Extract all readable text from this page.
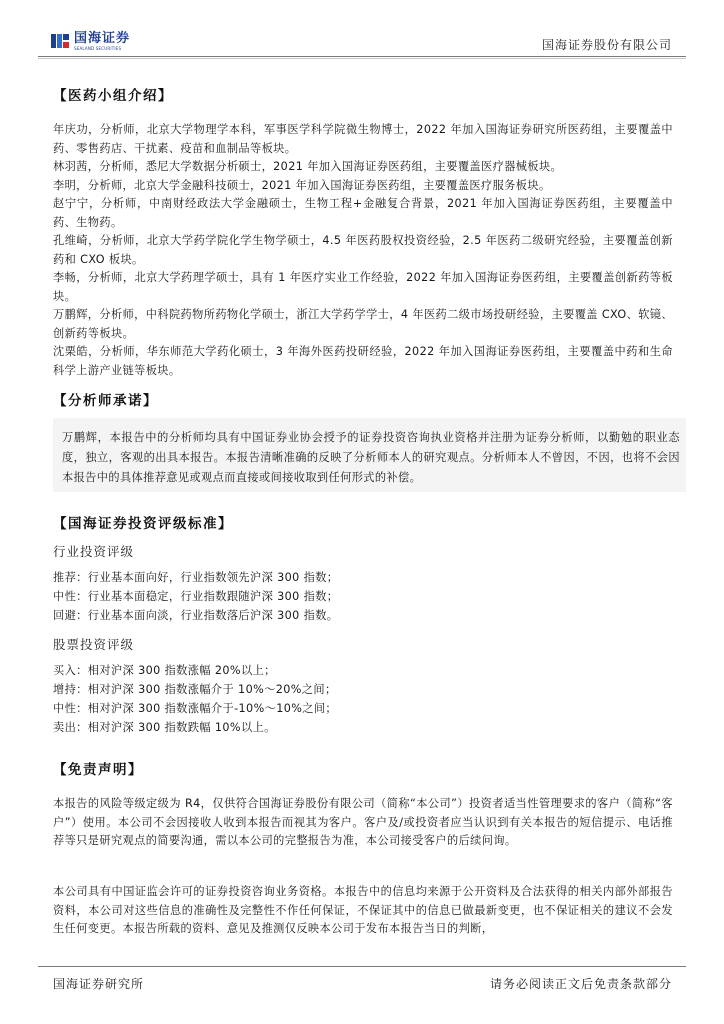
国海证券
SEALAND SECURITIES	国海证券股份有限公司
【医药小组介绍】

年庆功，分析师，北京大学物理学本科，军事医学科学院微生物博士，2022 年加入国海证券研究所医药组，主要覆盖中药、零售药店、干扰素、疫苗和血制品等板块。

林羽茜，分析师，悉尼大学数据分析硕士，2021 年加入国海证券医药组，主要覆盖医疗器械板块。

李明，分析师，北京大学金融科技硕士，2021 年加入国海证券医药组，主要覆盖医疗服务板块。

赵宁宁，分析师，中南财经政法大学金融硕士，生物工程+金融复合背景，2021 年加入国海证券医药组，主要覆盖中药、生物药。

孔维崎，分析师，北京大学药学院化学生物学硕士，4.5 年医药股权投资经验，2.5 年医药二级研究经验，主要覆盖创新药和 CXO 板块。

李畅，分析师，北京大学药理学硕士，具有 1 年医疗实业工作经验，2022 年加入国海证券医药组，主要覆盖创新药等板块。

万鹏辉，分析师，中科院药物所药物化学硕士，浙江大学药学学士，4 年医药二级市场投研经验，主要覆盖 CXO、软镜、创新药等板块。

沈栗皓，分析师，华东师范大学药化硕士，3 年海外医药投研经验，2022 年加入国海证券医药组，主要覆盖中药和生命科学上游产业链等板块。

【分析师承诺】

万鹏辉，本报告中的分析师均具有中国证券业协会授予的证券投资咨询执业资格并注册为证券分析师，以勤勉的职业态度，独立，客观的出具本报告。本报告清晰准确的反映了分析师本人的研究观点。分析师本人不曾因，不因，也将不会因本报告中的具体推荐意见或观点而直接或间接收取到任何形式的补偿。

【国海证券投资评级标准】
行业投资评级
推荐：行业基本面向好，行业指数领先沪深 300 指数；
中性：行业基本面稳定，行业指数跟随沪深 300 指数；
回避：行业基本面向淡，行业指数落后沪深 300 指数。
股票投资评级
买入：相对沪深 300 指数涨幅 20%以上；
增持：相对沪深 300 指数涨幅介于 10%～20%之间；
中性：相对沪深 300 指数涨幅介于-10%～10%之间；
卖出：相对沪深 300 指数跌幅 10%以上。
【免责声明】

本报告的风险等级定级为 R4，仅供符合国海证券股份有限公司（简称“本公司”）投资者适当性管理要求的客户（简称“客户”）使用。本公司不会因接收人收到本报告而视其为客户。客户及/或投资者应当认识到有关本报告的短信提示、电话推荐等只是研究观点的简要沟通，需以本公司的完整报告为准，本公司接受客户的后续问询。

本公司具有中国证监会许可的证券投资咨询业务资格。本报告中的信息均来源于公开资料及合法获得的相关内部外部报告资料，本公司对这些信息的准确性及完整性不作任何保证，不保证其中的信息已做最新变更，也不保证相关的建议不会发生任何变更。本报告所载的资料、意见及推测仅反映本公司于发布本报告当日的判断，

国海证券研究所	请务必阅读正文后免责条款部分
